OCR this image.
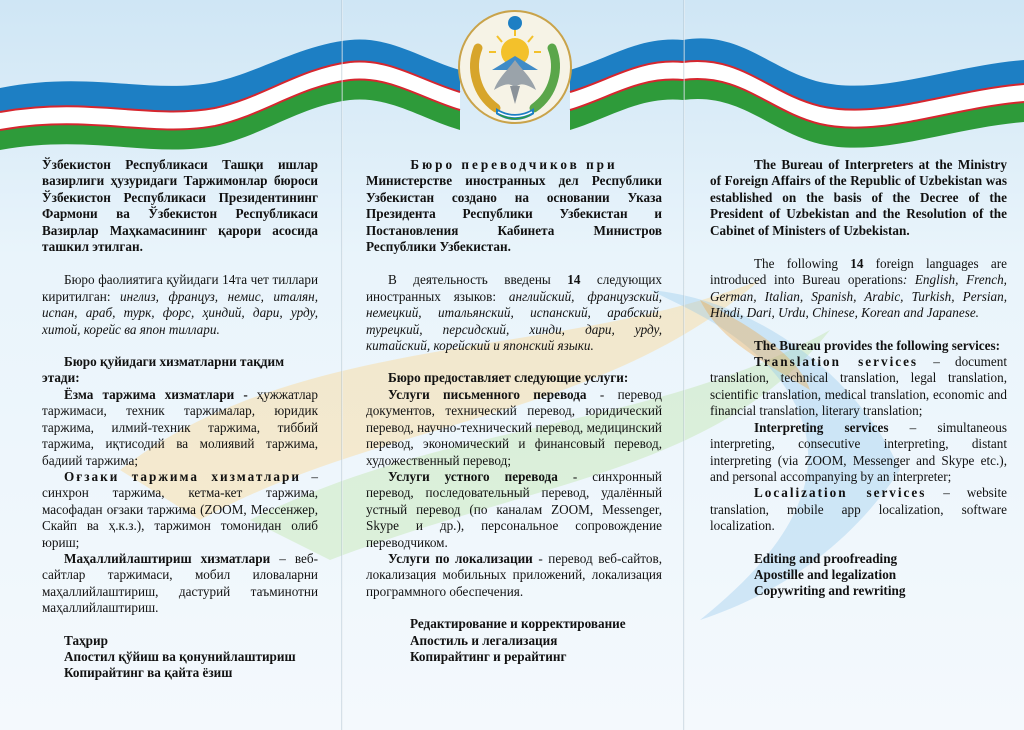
Ўзбекистон Республикаси Ташқи ишлар вазирлиги ҳузуридаги Таржимонлар бюроси Ўзбекистон Республикаси Президентининг Фармони ва Ўзбекистон Республикаси Вазирлар Маҳкамасининг қарори асосида ташкил этилган.

Бюро фаолиятига қуйидаги 14та чет тиллари киритилган: инглиз, француз, немис, италян, испан, араб, турк, форс, ҳиндий, дари, урду, хитой, корейс ва япон тиллари.

Бюро қуйидаги хизматларни тақдим этади:

Ёзма таржима хизматлари - ҳужжатлар таржимаси, техник таржималар, юридик таржима, илмий-техник таржима, тиббий таржима, иқтисодий ва молиявий таржима, бадиий таржима;

Оғзаки таржима хизматлари – синхрон таржима, кетма-кет таржима, масофадан оғзаки таржима (ZOOM, Мессенжер, Скайп ва ҳ.к.з.), таржимон томонидан олиб юриш;

Маҳаллийлаштириш хизматлари – веб-сайтлар таржимаси, мобил иловаларни маҳаллийлаштириш, дастурий таъминотни маҳаллийлаштириш.

Таҳрир

Апостил қўйиш ва қонунийлаштириш

Копирайтинг ва қайта ёзиш

Бюро переводчиков при

Министерстве иностранных дел Республики Узбекистан создано на основании Указа Президента Республики Узбекистан и Постановления Кабинета Министров Республики Узбекистан.

В деятельность введены 14 следующих иностранных языков: английский, французский, немецкий, итальянский, испанский, арабский, турецкий, персидский, хинди, дари, урду, китайский, корейский и японский языки.

Бюро предоставляет следующие услуги:

Услуги письменного перевода - перевод документов, технический перевод, юридический перевод, научно-технический перевод, медицинский перевод, экономический и финансовый перевод, художественный перевод;

Услуги устного перевода - синхронный перевод, последовательный перевод, удалённый устный перевод (по каналам ZOOM, Messenger, Skype и др.), персональное сопровождение переводчиком.

Услуги по локализации - перевод веб-сайтов, локализация мобильных приложений, локализация программного обеспечения.

Редактирование и корректирование

Апостиль и легализация

Копирайтинг и рерайтинг

The Bureau of Interpreters at the Ministry of Foreign Affairs of the Republic of Uzbekistan was established on the basis of the Decree of the President of Uzbekistan and the Resolution of the Cabinet of Ministers of Uzbekistan.

The following 14 foreign languages are introduced into Bureau operations: English, French, German, Italian, Spanish, Arabic, Turkish, Persian, Hindi, Dari, Urdu, Chinese, Korean and Japanese.

The Bureau provides the following services:

Translation services – document translation, technical translation, legal translation, scientific translation, medical translation, economic and financial translation, literary translation;

Interpreting services – simultaneous interpreting, consecutive interpreting, distant interpreting (via ZOOM, Messenger and Skype etc.), and personal accompanying by an interpreter;

Localization services – website translation, mobile app localization, software localization.

Editing and proofreading

Apostille and legalization

Copywriting and rewriting
